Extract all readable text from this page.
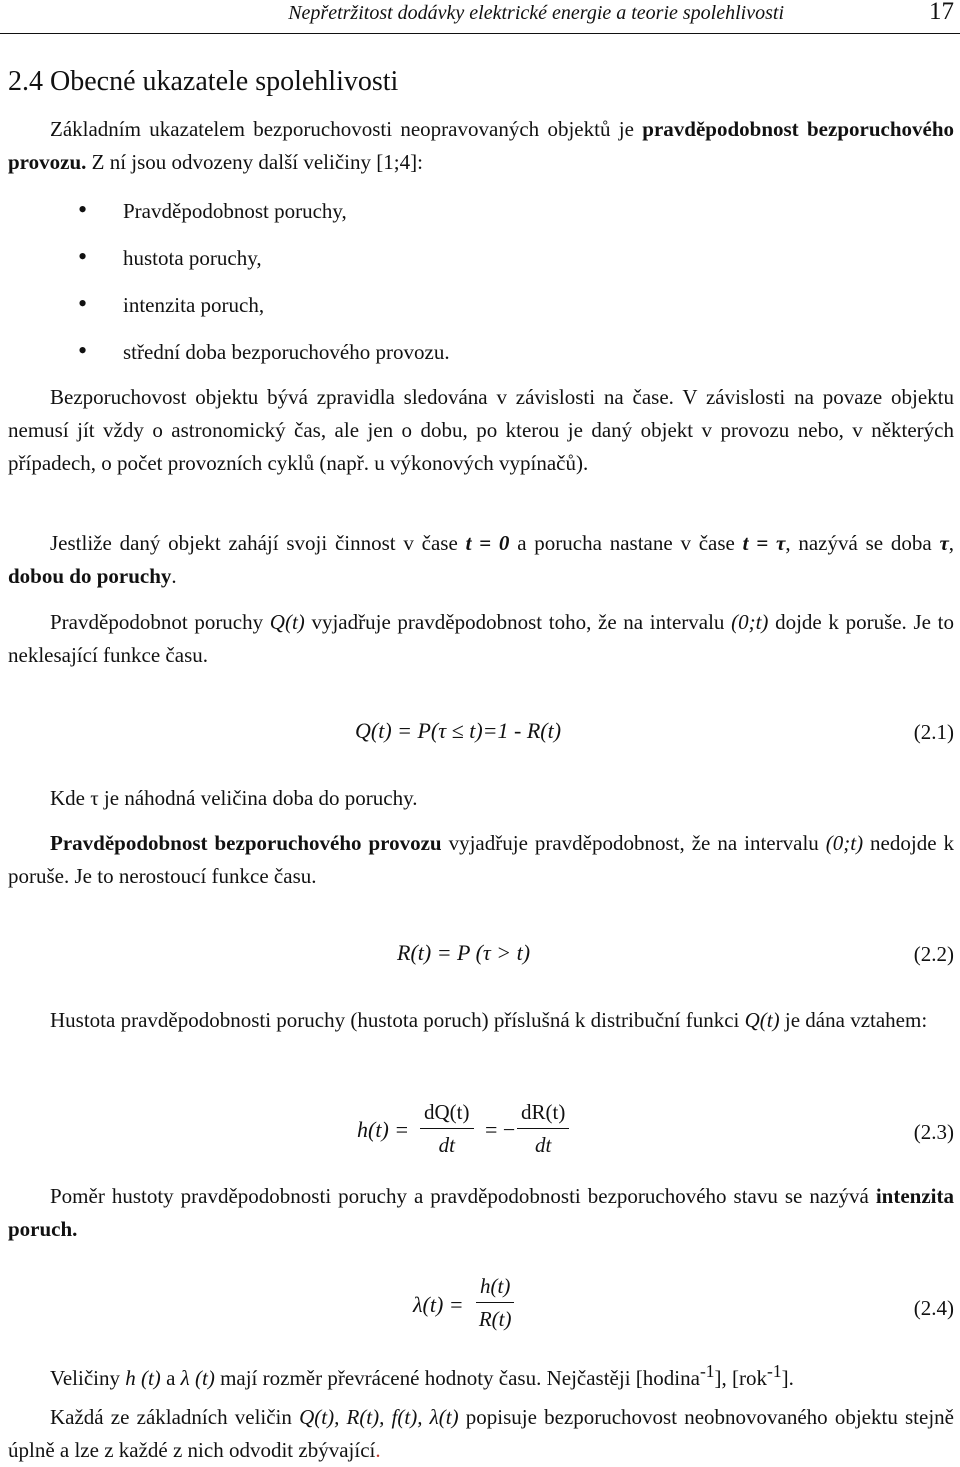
Nepřetržitost dodávky elektrické energie a teorie spolehlivosti	17
2.4 Obecné ukazatele spolehlivosti

Základním ukazatelem bezporuchovosti neopravovaných objektů je pravděpodobnost bezporuchového provozu. Z ní jsou odvozeny další veličiny [1;4]:

• Pravděpodobnost poruchy,
• hustota poruchy,
• intenzita poruch,
• střední doba bezporuchového provozu.

Bezporuchovost objektu bývá zpravidla sledována v závislosti na čase. V závislosti na povaze objektu nemusí jít vždy o astronomický čas, ale jen o dobu, po kterou je daný objekt v provozu nebo, v některých případech, o počet provozních cyklů (např. u výkonových vypínačů).

Jestliže daný objekt zahájí svoji činnost v čase t = 0 a porucha nastane v čase t = τ, nazývá se doba τ, dobou do poruchy.

Pravděpodobnot poruchy Q(t) vyjadřuje pravděpodobnost toho, že na intervalu (0;t) dojde k poruše. Je to neklesající funkce času.

Q(t) = P(τ ≤ t)=1 - R(t)	(2.1)

Kde τ je náhodná veličina doba do poruchy.

Pravděpodobnost bezporuchového provozu vyjadřuje pravděpodobnost, že na intervalu (0;t) nedojde k poruše. Je to nerostoucí funkce času.

R(t) = P (τ > t)	(2.2)

Hustota pravděpodobnosti poruchy (hustota poruch) příslušná k distribuční funkci Q(t) je dána vztahem:

$h(t) = \frac{dQ(t)}{dt}$ = − $\frac{dR(t)}{dt}$	(2.3)

Poměr hustoty pravděpodobnosti poruchy a pravděpodobnosti bezporuchového stavu se nazývá intenzita poruch.

$\lambda(t) = \frac{h(t)}{R(t)}$	(2.4)

Veličiny h (t) a λ (t) mají rozměr převrácené hodnoty času. Nejčastěji [hodina$^{-1}$], [rok$^{-1}$].

Každá ze základních veličin Q(t), R(t), f(t), λ(t) popisuje bezporuchovost neobnovovaného objektu stejně úplně a lze z každé z nich odvodit zbývající.
